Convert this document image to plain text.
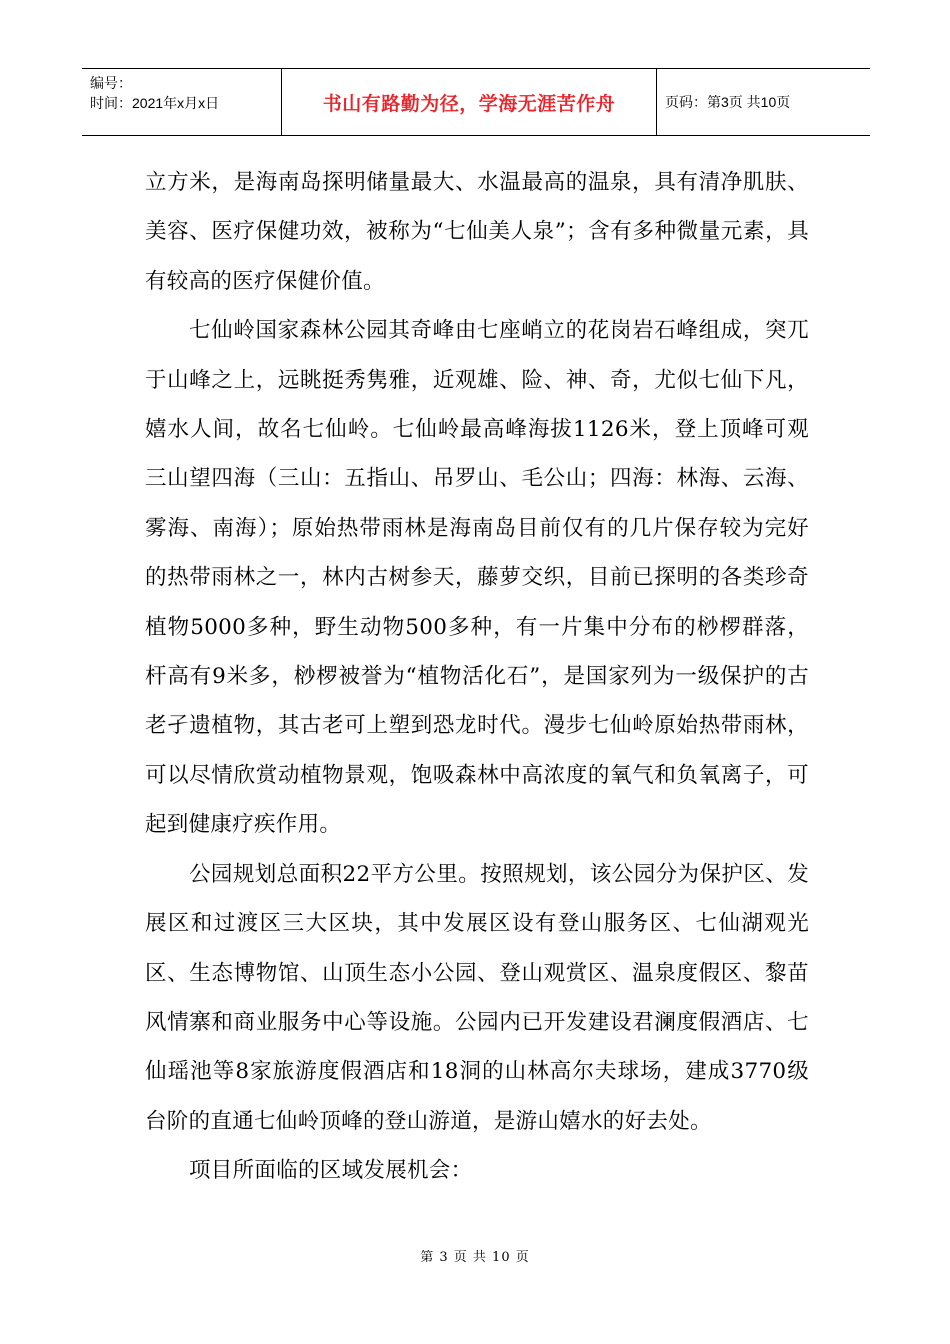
编号：
时间：2021年x月x日	书山有路勤为径，学海无涯苦作舟	页码：第3页 共10页

立方米，是海南岛探明储量最大、水温最高的温泉，具有清净肌肤、美容、医疗保健功效，被称为“七仙美人泉”；含有多种微量元素，具有较高的医疗保健价值。

七仙岭国家森林公园其奇峰由七座峭立的花岗岩石峰组成，突兀于山峰之上，远眺挺秀隽雅，近观雄、险、神、奇，尤似七仙下凡，嬉水人间，故名七仙岭。七仙岭最高峰海拔1126米，登上顶峰可观三山望四海（三山：五指山、吊罗山、毛公山；四海：林海、云海、雾海、南海）；原始热带雨林是海南岛目前仅有的几片保存较为完好的热带雨林之一，林内古树参天，藤萝交织，目前已探明的各类珍奇植物5000多种，野生动物500多种，有一片集中分布的桫椤群落，杆高有9米多，桫椤被誉为“植物活化石”，是国家列为一级保护的古老孑遗植物，其古老可上塑到恐龙时代。漫步七仙岭原始热带雨林，可以尽情欣赏动植物景观，饱吸森林中高浓度的氧气和负氧离子，可起到健康疗疾作用。

公园规划总面积22平方公里。按照规划，该公园分为保护区、发展区和过渡区三大区块，其中发展区设有登山服务区、七仙湖观光区、生态博物馆、山顶生态小公园、登山观赏区、温泉度假区、黎苗风情寨和商业服务中心等设施。公园内已开发建设君澜度假酒店、七仙瑶池等8家旅游度假酒店和18洞的山林高尔夫球场，建成3770级台阶的直通七仙岭顶峰的登山游道，是游山嬉水的好去处。

项目所面临的区域发展机会：

第 3 页 共 10 页
